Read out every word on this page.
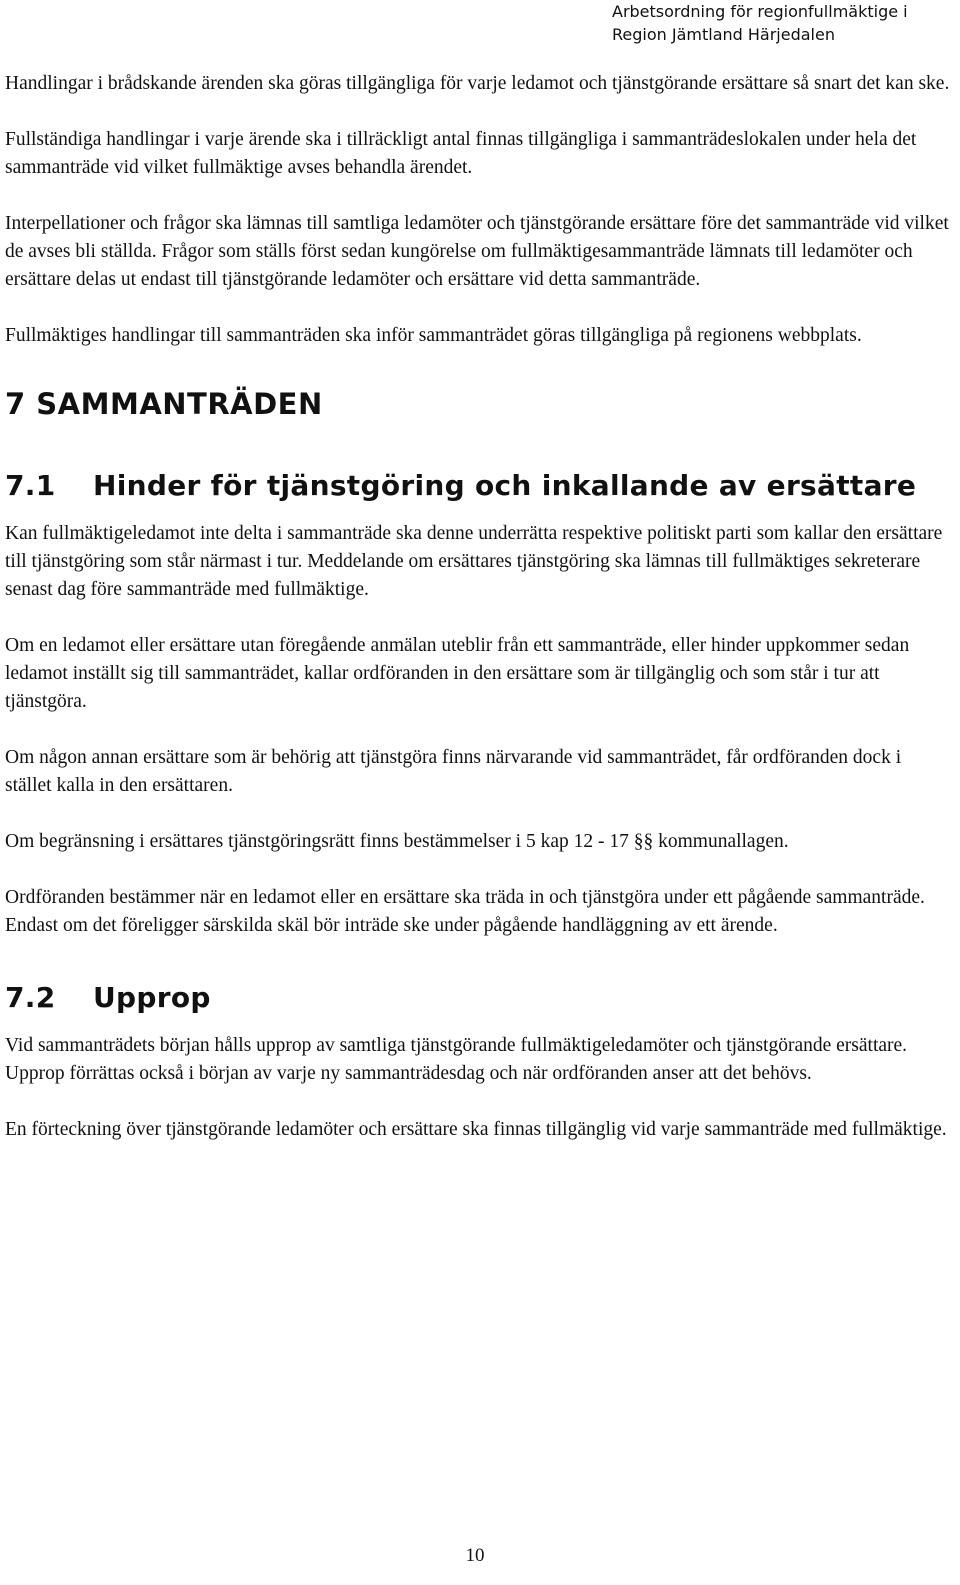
Arbetsordning för regionfullmäktige i
Region Jämtland Härjedalen

Handlingar i brådskande ärenden ska göras tillgängliga för varje ledamot och tjänstgörande ersättare så snart det kan ske.

Fullständiga handlingar i varje ärende ska i tillräckligt antal finnas tillgängliga i sammanträdeslokalen under hela det sammanträde vid vilket fullmäktige avses behandla ärendet.

Interpellationer och frågor ska lämnas till samtliga ledamöter och tjänstgörande ersättare före det sammanträde vid vilket de avses bli ställda. Frågor som ställs först sedan kungörelse om fullmäktigesammanträde lämnats till ledamöter och ersättare delas ut endast till tjänstgörande ledamöter och ersättare vid detta sammanträde.

Fullmäktiges handlingar till sammanträden ska inför sammanträdet göras tillgängliga på regionens webbplats.

7 SAMMANTRÄDEN
7.1	Hinder för tjänstgöring och inkallande av ersättare

Kan fullmäktigeledamot inte delta i sammanträde ska denne underrätta respektive politiskt parti som kallar den ersättare till tjänstgöring som står närmast i tur. Meddelande om ersättares tjänstgöring ska lämnas till fullmäktiges sekreterare senast dag före sammanträde med fullmäktige.

Om en ledamot eller ersättare utan föregående anmälan uteblir från ett sammanträde, eller hinder uppkommer sedan ledamot inställt sig till sammanträdet, kallar ordföranden in den ersättare som är tillgänglig och som står i tur att tjänstgöra.

Om någon annan ersättare som är behörig att tjänstgöra finns närvarande vid sammanträdet, får ordföranden dock i stället kalla in den ersättaren.

Om begränsning i ersättares tjänstgöringsrätt finns bestämmelser i 5 kap 12 - 17 §§ kommunallagen.

Ordföranden bestämmer när en ledamot eller en ersättare ska träda in och tjänstgöra under ett pågående sammanträde. Endast om det föreligger särskilda skäl bör inträde ske under pågående handläggning av ett ärende.

7.2	Upprop

Vid sammanträdets början hålls upprop av samtliga tjänstgörande fullmäktigeledamöter och tjänstgörande ersättare. Upprop förrättas också i början av varje ny sammanträdesdag och när ordföranden anser att det behövs.

En förteckning över tjänstgörande ledamöter och ersättare ska finnas tillgänglig vid varje sammanträde med fullmäktige.

10
